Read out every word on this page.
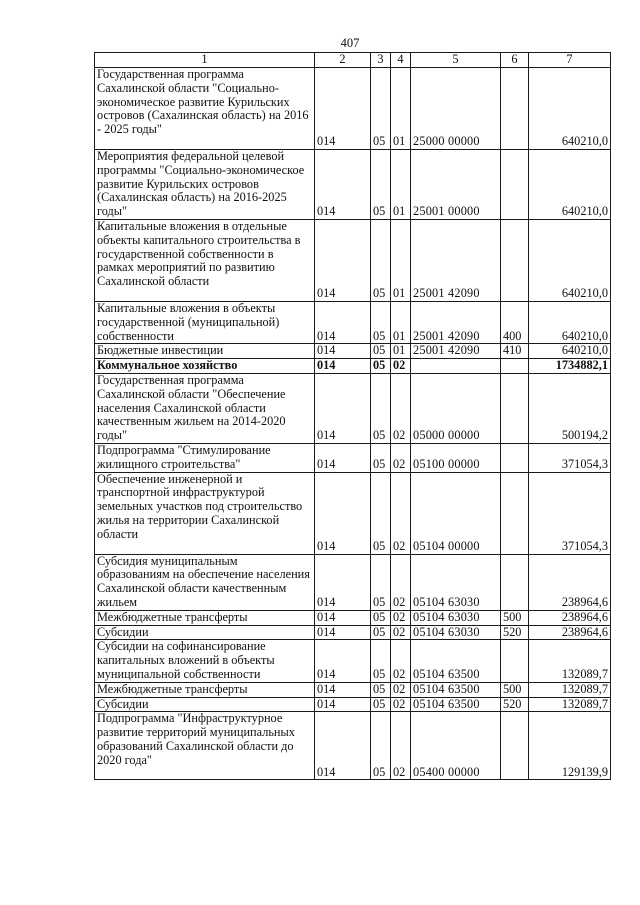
407
1	2	3	4	5	6	7
Государственная программа Сахалинской области "Социально-экономическое развитие Курильских островов (Сахалинская область) на 2016 - 2025 годы"	014	05	01	25000 00000		640210,0
Мероприятия федеральной целевой программы "Социально-экономическое развитие Курильских островов (Сахалинская область) на 2016-2025 годы"	014	05	01	25001 00000		640210,0
Капитальные вложения в отдельные объекты капитального строительства в государственной собственности в рамках мероприятий по развитию Сахалинской области	014	05	01	25001 42090		640210,0
Капитальные вложения в объекты государственной (муниципальной) собственности	014	05	01	25001 42090	400	640210,0
Бюджетные инвестиции	014	05	01	25001 42090	410	640210,0
Коммунальное хозяйство	014	05	02			1734882,1
Государственная программа Сахалинской области "Обеспечение населения Сахалинской области качественным жильем на 2014-2020 годы"	014	05	02	05000 00000		500194,2
Подпрограмма "Стимулирование жилищного строительства"	014	05	02	05100 00000		371054,3
Обеспечение инженерной и транспортной инфраструктурой земельных участков под строительство жилья на территории Сахалинской области	014	05	02	05104 00000		371054,3
Субсидия муниципальным образованиям на обеспечение населения Сахалинской области качественным жильем	014	05	02	05104 63030		238964,6
Межбюджетные трансферты	014	05	02	05104 63030	500	238964,6
Субсидии	014	05	02	05104 63030	520	238964,6
Субсидии на софинансирование капитальных вложений в объекты муниципальной собственности	014	05	02	05104 63500		132089,7
Межбюджетные трансферты	014	05	02	05104 63500	500	132089,7
Субсидии	014	05	02	05104 63500	520	132089,7
Подпрограмма "Инфраструктурное развитие территорий муниципальных образований Сахалинской области до 2020 года"	014	05	02	05400 00000		129139,9
